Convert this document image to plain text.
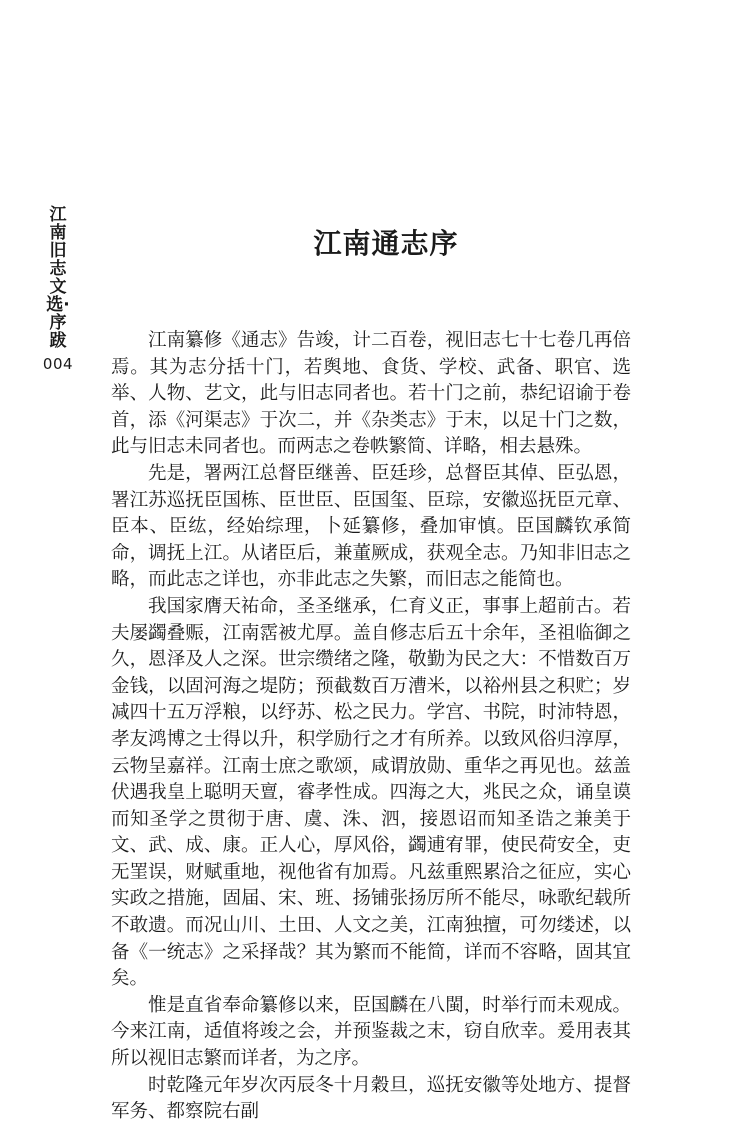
江南旧志文选·序跋
004
江南通志序

江南纂修《通志》告竣，计二百卷，视旧志七十七卷几再倍焉。其为志分括十门，若舆地、食货、学校、武备、职官、选举、人物、艺文，此与旧志同者也。若十门之前，恭纪诏谕于卷首，添《河渠志》于次二，并《杂类志》于末，以足十门之数，此与旧志未同者也。而两志之卷帙繁简、详略，相去悬殊。

先是，署两江总督臣继善、臣廷珍，总督臣其倬、臣弘恩，署江苏巡抚臣国栋、臣世臣、臣国玺、臣琮，安徽巡抚臣元章、臣本、臣纮，经始综理，卜延纂修，叠加审慎。臣国麟钦承简命，调抚上江。从诸臣后，兼董厥成，获观全志。乃知非旧志之略，而此志之详也，亦非此志之失繁，而旧志之能简也。

我国家膺天祐命，圣圣继承，仁育义正，事事上超前古。若夫屡蠲叠赈，江南霑被尤厚。盖自修志后五十余年，圣祖临御之久，恩泽及人之深。世宗缵绪之隆，敬勤为民之大：不惜数百万金钱，以固河海之堤防；预截数百万漕米，以裕州县之积贮；岁减四十五万浮粮，以纾苏、松之民力。学宫、书院，时沛特恩，孝友鸿博之士得以升，积学励行之才有所养。以致风俗归淳厚，云物呈嘉祥。江南士庶之歌颂，咸谓放勋、重华之再见也。兹盖伏遇我皇上聪明天亶，睿孝性成。四海之大，兆民之众，诵皇谟而知圣学之贯彻于唐、虞、洙、泗，接恩诏而知圣诰之兼美于文、武、成、康。正人心，厚风俗，蠲逋宥罪，使民荷安全，吏无罣误，财赋重地，视他省有加焉。凡兹重熙累洽之征应，实心实政之措施，固届、宋、班、扬铺张扬厉所不能尽，咏歌纪载所不敢遗。而况山川、土田、人文之美，江南独擅，可勿缕述，以备《一统志》之采择哉？其为繁而不能简，详而不容略，固其宜矣。

惟是直省奉命纂修以来，臣国麟在八閩，时举行而未观成。今来江南，适值将竣之会，并预鉴裁之末，窃自欣幸。爰用表其所以视旧志繁而详者，为之序。

时乾隆元年岁次丙辰冬十月穀旦，巡抚安徽等处地方、提督军务、都察院右副
